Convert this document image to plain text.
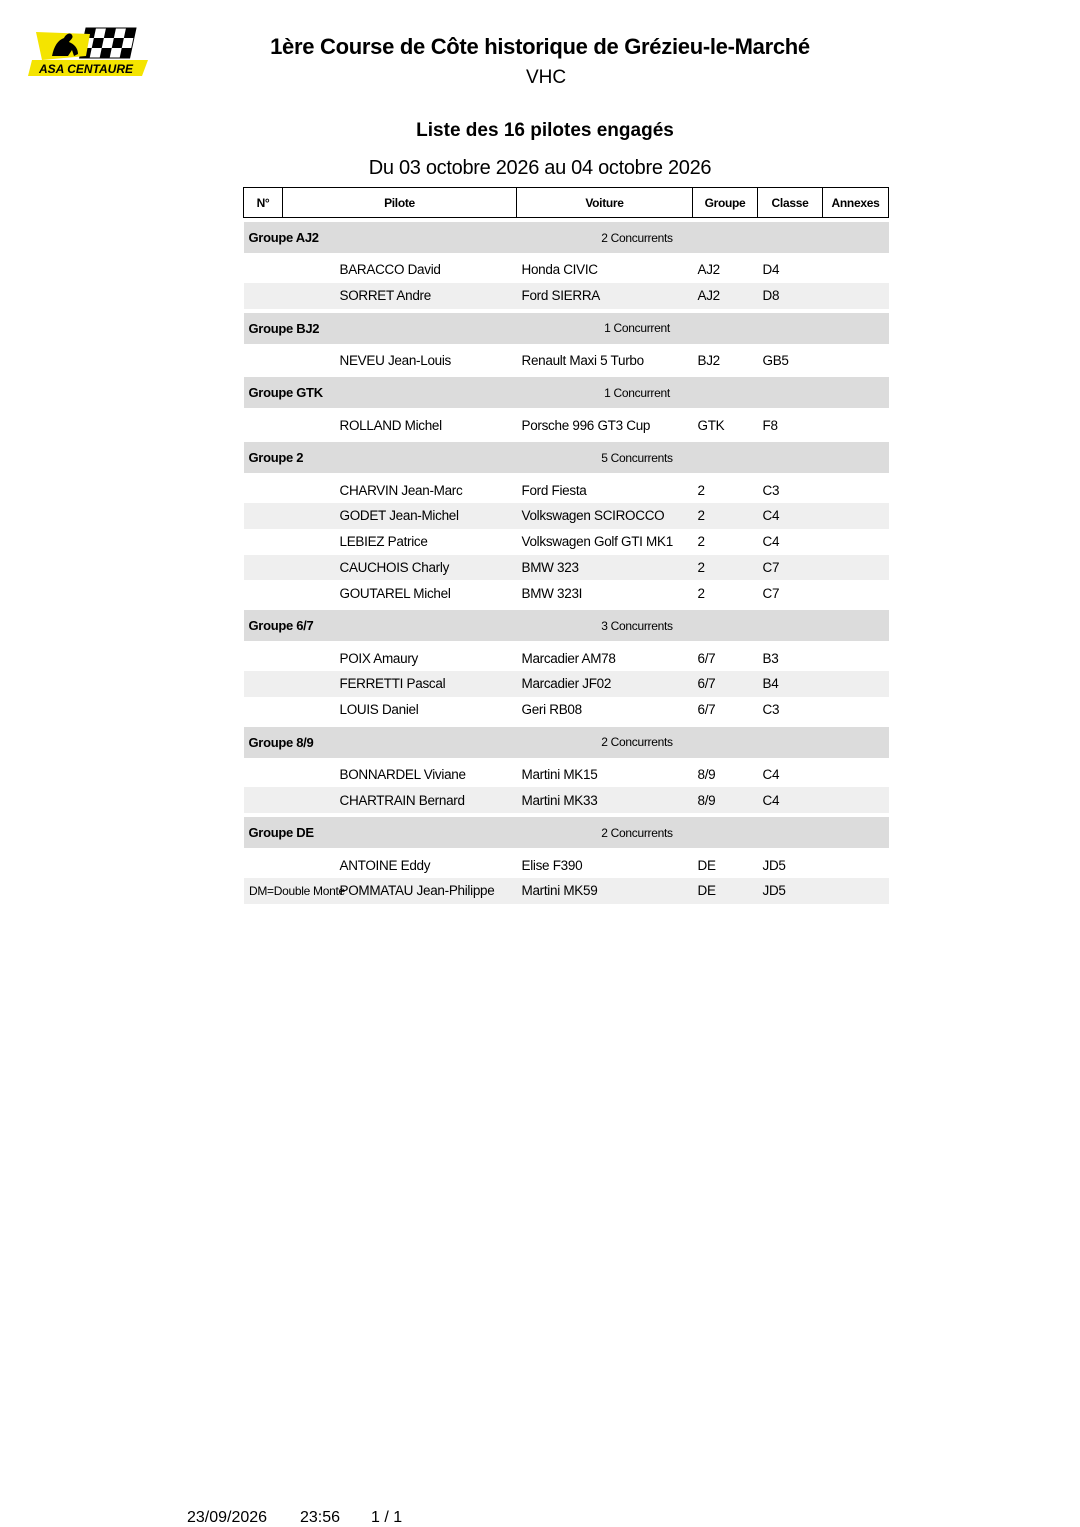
ASA CENTAURE
1ère Course de Côte historique de Grézieu-le-Marché
VHC
Liste des 16 pilotes engagés
Du 03 octobre 2026 au 04 octobre 2026
N°	Pilote	Voiture	Groupe	Classe	Annexes

Groupe AJ2		2 Concurrents			

	BARACCO David	Honda CIVIC	AJ2	D4	
	SORRET Andre	Ford SIERRA	AJ2	D8	

Groupe BJ2		1 Concurrent			

	NEVEU Jean-Louis	Renault Maxi 5 Turbo	BJ2	GB5	

Groupe GTK		1 Concurrent			

	ROLLAND Michel	Porsche 996 GT3 Cup	GTK	F8	

Groupe 2		5 Concurrents			

	CHARVIN Jean-Marc	Ford Fiesta	2	C3	
	GODET Jean-Michel	Volkswagen SCIROCCO	2	C4	
	LEBIEZ Patrice	Volkswagen Golf GTI MK1	2	C4	
	CAUCHOIS Charly	BMW 323	2	C7	
	GOUTAREL Michel	BMW 323I	2	C7	

Groupe 6/7		3 Concurrents			

	POIX Amaury	Marcadier AM78	6/7	B3	
	FERRETTI Pascal	Marcadier JF02	6/7	B4	
	LOUIS Daniel	Geri RB08	6/7	C3	

Groupe 8/9		2 Concurrents			

	BONNARDEL Viviane	Martini MK15	8/9	C4	
	CHARTRAIN Bernard	Martini MK33	8/9	C4	

Groupe DE		2 Concurrents			

	ANTOINE Eddy	Elise F390	DE	JD5	
	POMMATAU Jean-Philippe	Martini MK59	DE	JD5	
DM=Double Monte
23/09/2026 23:56 1 / 1
